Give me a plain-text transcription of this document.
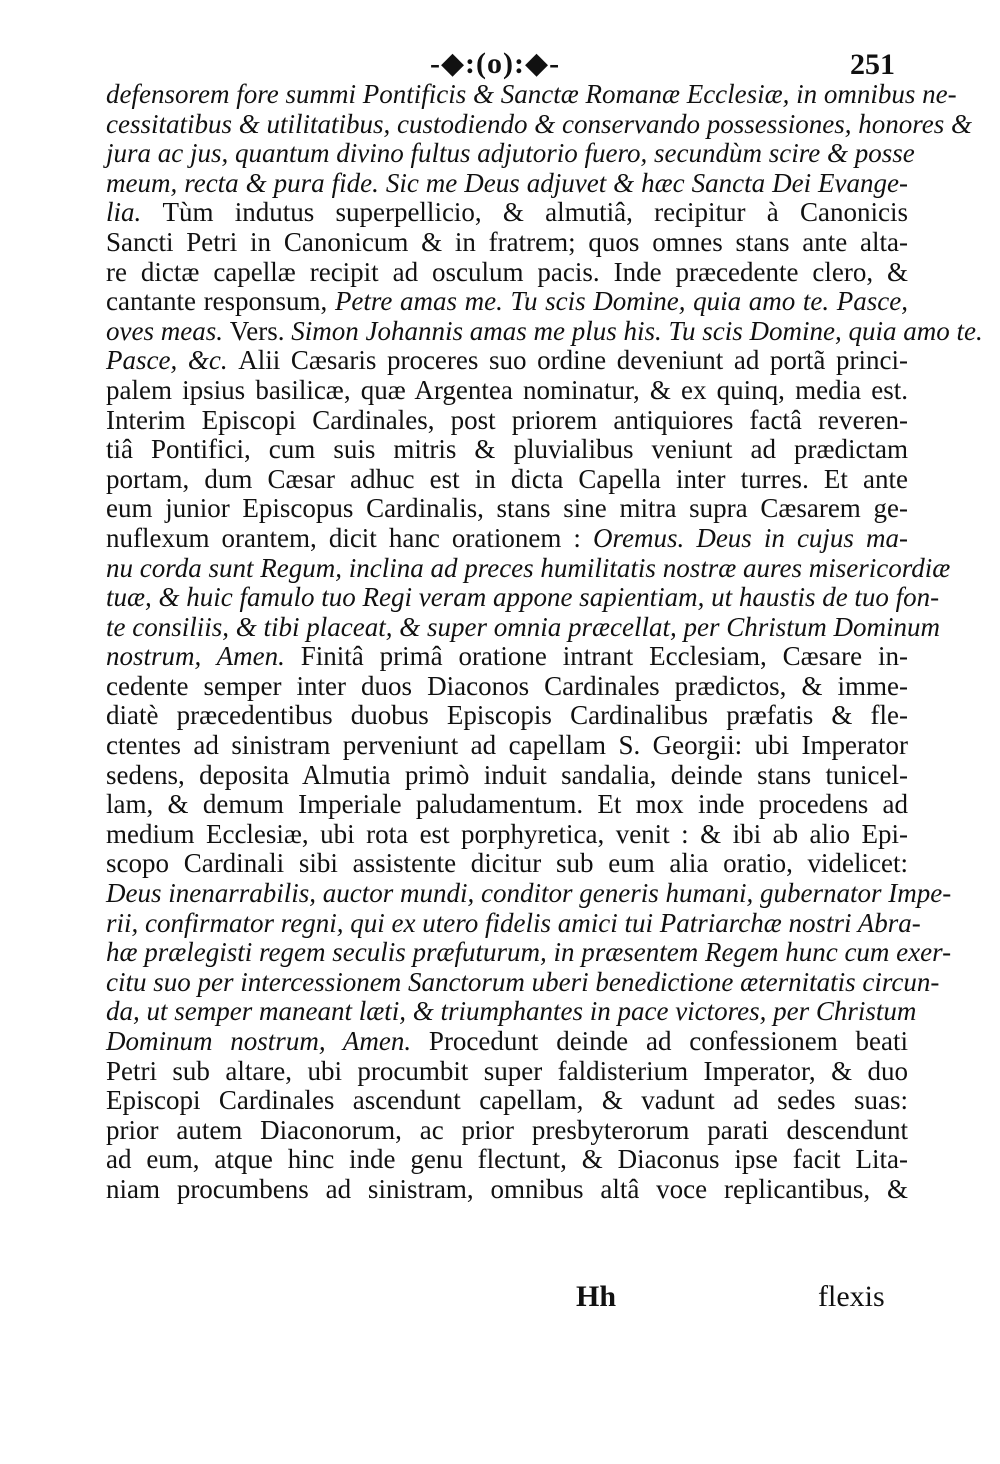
-◆:(o):◆-	251
defensorem fore summi Pontificis & Sanctæ Romanæ Ecclesiæ, in omnibus ne-
cessitatibus & utilitatibus, custodiendo & conservando possessiones, honores &
jura ac jus, quantum divino fultus adjutorio fuero, secundùm scire & posse
meum, recta & pura fide. Sic me Deus adjuvet & hæc Sancta Dei Evange-
lia. Tùm indutus superpellicio, & almutiâ, recipitur à Canonicis
Sancti Petri in Canonicum & in fratrem; quos omnes stans ante alta-
re dictæ capellæ recipit ad osculum pacis. Inde præcedente clero, &
cantante responsum, Petre amas me. Tu scis Domine, quia amo te. Pasce,
oves meas. Vers. Simon Johannis amas me plus his. Tu scis Domine, quia amo te.
Pasce, &c. Alii Cæsaris proceres suo ordine deveniunt ad portã princi-
palem ipsius basilicæ, quæ Argentea nominatur, & ex quinq, media est.
Interim Episcopi Cardinales, post priorem antiquiores factâ reveren-
tiâ Pontifici, cum suis mitris & pluvialibus veniunt ad prædictam
portam, dum Cæsar adhuc est in dicta Capella inter turres. Et ante
eum junior Episcopus Cardinalis, stans sine mitra supra Cæsarem ge-
nuflexum orantem, dicit hanc orationem : Oremus. Deus in cujus ma-
nu corda sunt Regum, inclina ad preces humilitatis nostræ aures misericordiæ
tuæ, & huic famulo tuo Regi veram appone sapientiam, ut haustis de tuo fon-
te consiliis, & tibi placeat, & super omnia præcellat, per Christum Dominum
nostrum, Amen. Finitâ primâ oratione intrant Ecclesiam, Cæsare in-
cedente semper inter duos Diaconos Cardinales prædictos, & imme-
diatè præcedentibus duobus Episcopis Cardinalibus præfatis & fle-
ctentes ad sinistram perveniunt ad capellam S. Georgii: ubi Imperator
sedens, deposita Almutia primò induit sandalia, deinde stans tunicel-
lam, & demum Imperiale paludamentum. Et mox inde procedens ad
medium Ecclesiæ, ubi rota est porphyretica, venit : & ibi ab alio Epi-
scopo Cardinali sibi assistente dicitur sub eum alia oratio, videlicet:
Deus inenarrabilis, auctor mundi, conditor generis humani, gubernator Impe-
rii, confirmator regni, qui ex utero fidelis amici tui Patriarchæ nostri Abra-
hæ prælegisti regem seculis præfuturum, in præsentem Regem hunc cum exer-
citu suo per intercessionem Sanctorum uberi benedictione æternitatis circun-
da, ut semper maneant læti, & triumphantes in pace victores, per Christum
Dominum nostrum, Amen. Procedunt deinde ad confessionem beati
Petri sub altare, ubi procumbit super faldisterium Imperator, & duo
Episcopi Cardinales ascendunt capellam, & vadunt ad sedes suas:
prior autem Diaconorum, ac prior presbyterorum parati descendunt
ad eum, atque hinc inde genu flectunt, & Diaconus ipse facit Lita-
niam procumbens ad sinistram, omnibus altâ voce replicantibus, &
Hh	flexis
